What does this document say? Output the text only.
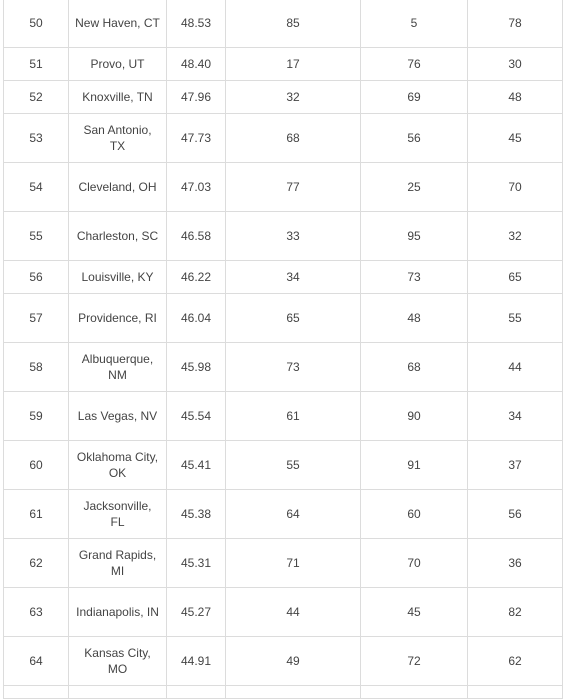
50	New Haven, CT	48.53	85	5	78
51	Provo, UT	48.40	17	76	30
52	Knoxville, TN	47.96	32	69	48
53	San Antonio, TX	47.73	68	56	45
54	Cleveland, OH	47.03	77	25	70
55	Charleston, SC	46.58	33	95	32
56	Louisville, KY	46.22	34	73	65
57	Providence, RI	46.04	65	48	55
58	Albuquerque, NM	45.98	73	68	44
59	Las Vegas, NV	45.54	61	90	34
60	Oklahoma City, OK	45.41	55	91	37
61	Jacksonville, FL	45.38	64	60	56
62	Grand Rapids, MI	45.31	71	70	36
63	Indianapolis, IN	45.27	44	45	82
64	Kansas City, MO	44.91	49	72	62
